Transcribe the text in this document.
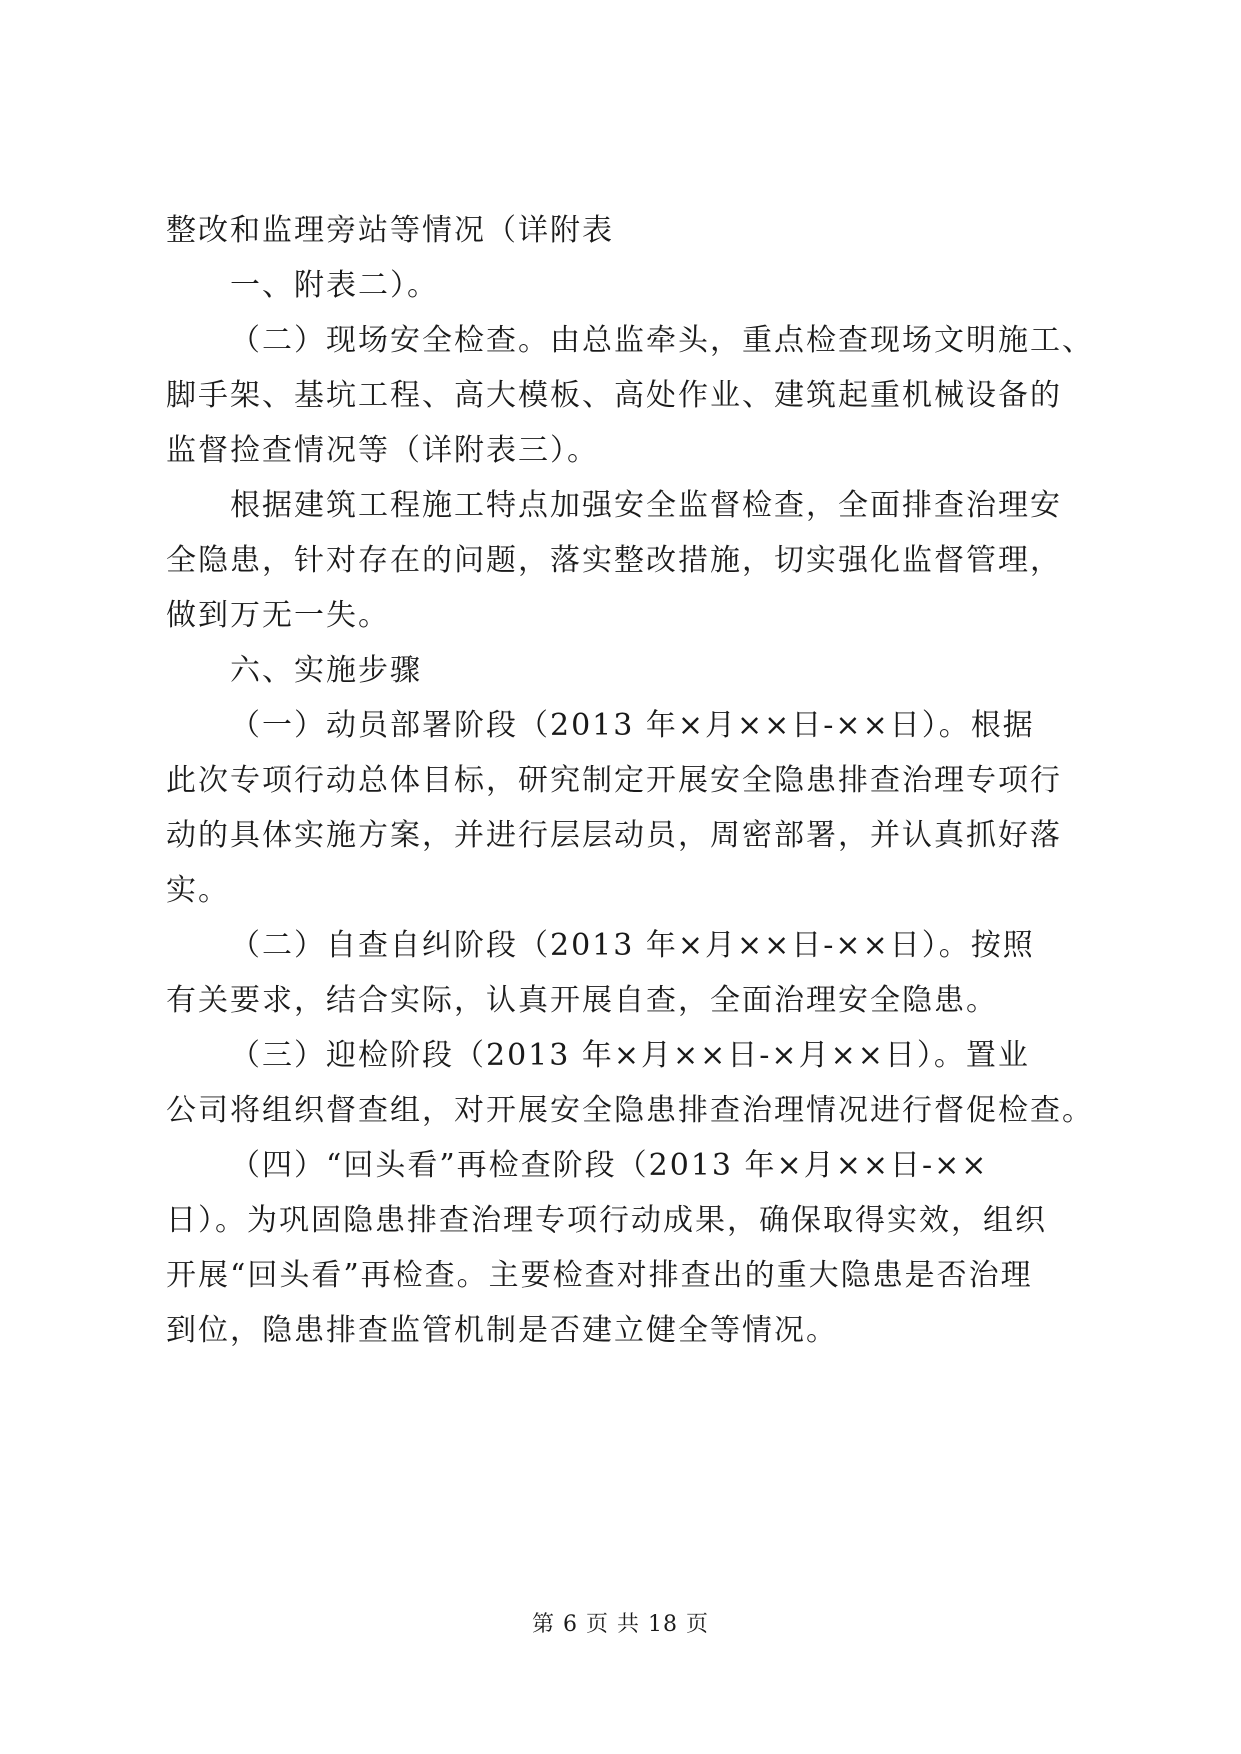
整改和监理旁站等情况（详附表
一、附表二）。
（二）现场安全检查。由总监牵头，重点检查现场文明施工、
脚手架、基坑工程、高大模板、高处作业、建筑起重机械设备的
监督捡查情况等（详附表三）。
根据建筑工程施工特点加强安全监督检查，全面排查治理安
全隐患，针对存在的问题，落实整改措施，切实强化监督管理，
做到万无一失。
六、实施步骤
（一）动员部署阶段（2013 年×月××日-××日）。根据
此次专项行动总体目标，研究制定开展安全隐患排查治理专项行
动的具体实施方案，并进行层层动员，周密部署，并认真抓好落
实。
（二）自查自纠阶段（2013 年×月××日-××日）。按照
有关要求，结合实际，认真开展自查，全面治理安全隐患。
（三）迎检阶段（2013 年×月××日-×月××日）。置业
公司将组织督查组，对开展安全隐患排查治理情况进行督促检查。
（四）“回头看”再检查阶段（2013 年×月××日-××
日）。为巩固隐患排查治理专项行动成果，确保取得实效，组织
开展“回头看”再检查。主要检查对排查出的重大隐患是否治理
到位，隐患排查监管机制是否建立健全等情况。
第 6 页 共 18 页
